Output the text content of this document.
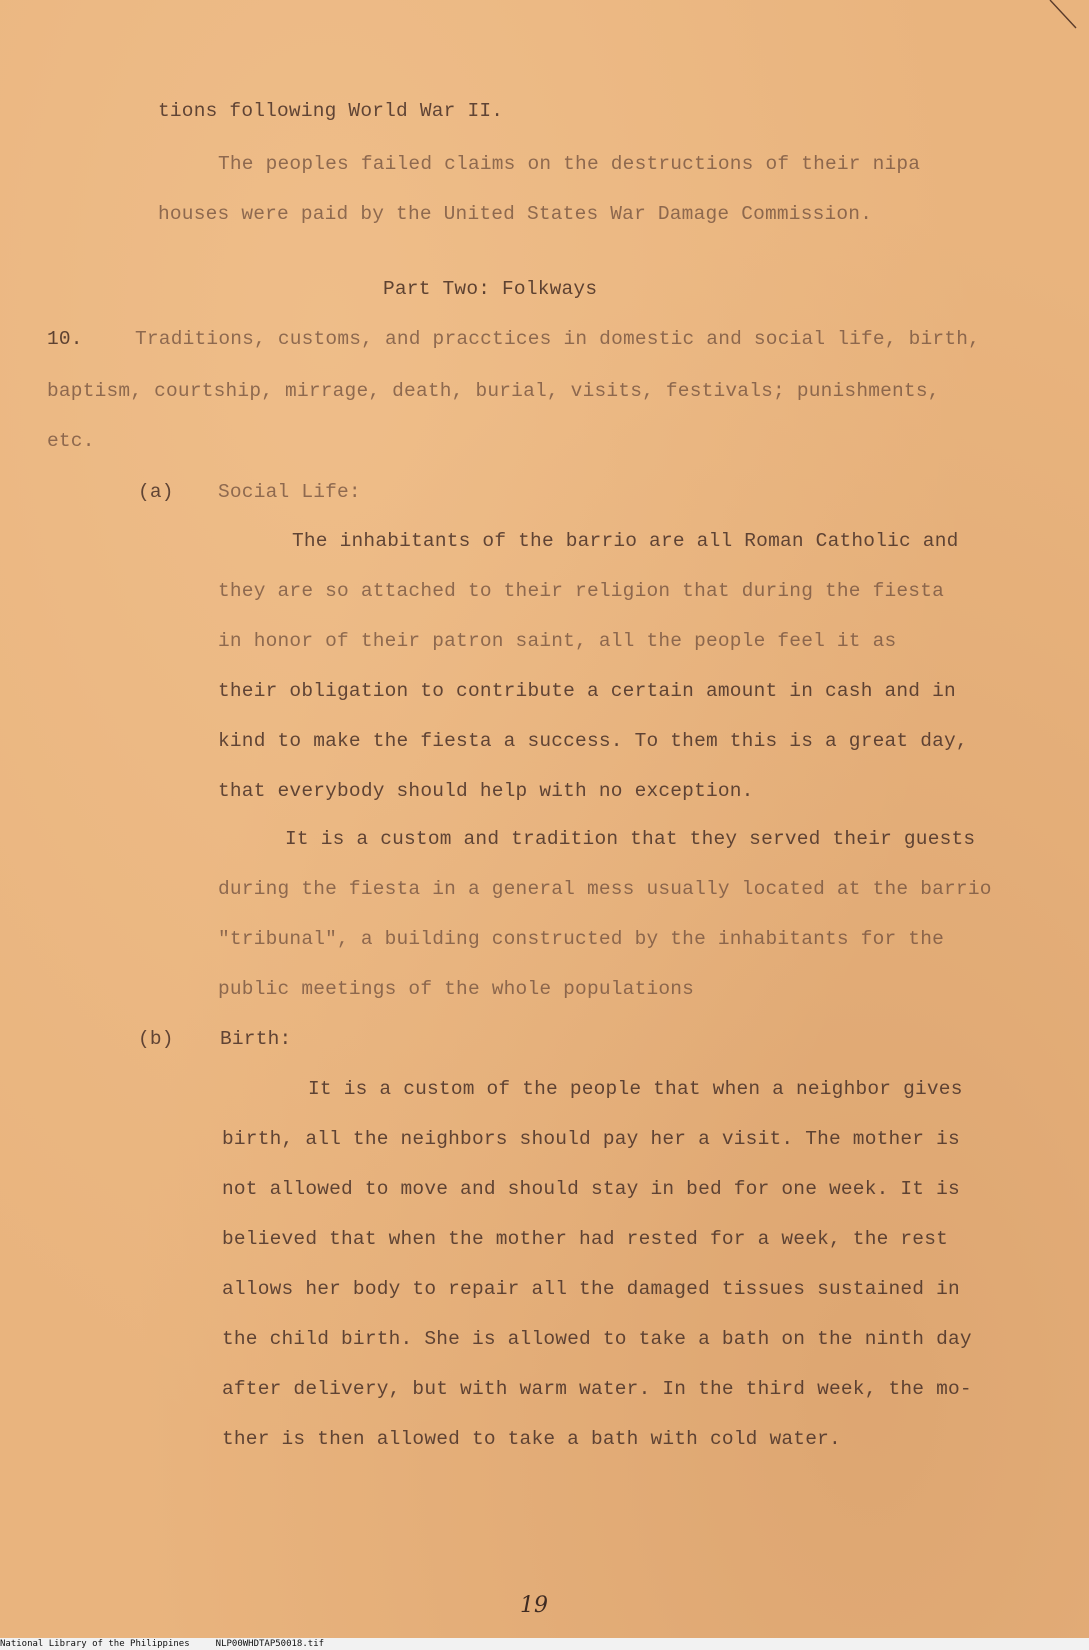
tions following World War II.
The peoples failed claims on the destructions of their nipa
houses were paid by the United States War Damage Commission.
Part Two: Folkways
10.	Traditions, customs, and pracctices in domestic and social life, birth,
baptism, courtship, mirrage, death, burial, visits, festivals; punishments,
etc.
(a) Social Life:
The inhabitants of the barrio are all Roman Catholic and
they are so attached to their religion that during the fiesta
in honor of their patron saint, all the people feel it as
their obligation to contribute a certain amount in cash and in
kind to make the fiesta a success. To them this is a great day,
that everybody should help with no exception.
It is a custom and tradition that they served their guests
during the fiesta in a general mess usually located at the barrio
"tribunal", a building constructed by the inhabitants for the
public meetings of the whole populations
(b) Birth:
It is a custom of the people that when a neighbor gives
birth, all the neighbors should pay her a visit. The mother is
not allowed to move and should stay in bed for one week. It is
believed that when the mother had rested for a week, the rest
allows her body to repair all the damaged tissues sustained in
the child birth. She is allowed to take a bath on the ninth day
after delivery, but with warm water. In the third week, the mo-
ther is then allowed to take a bath with cold water.
19
National Library of the Philippines	NLP00WHDTAP50018.tif
